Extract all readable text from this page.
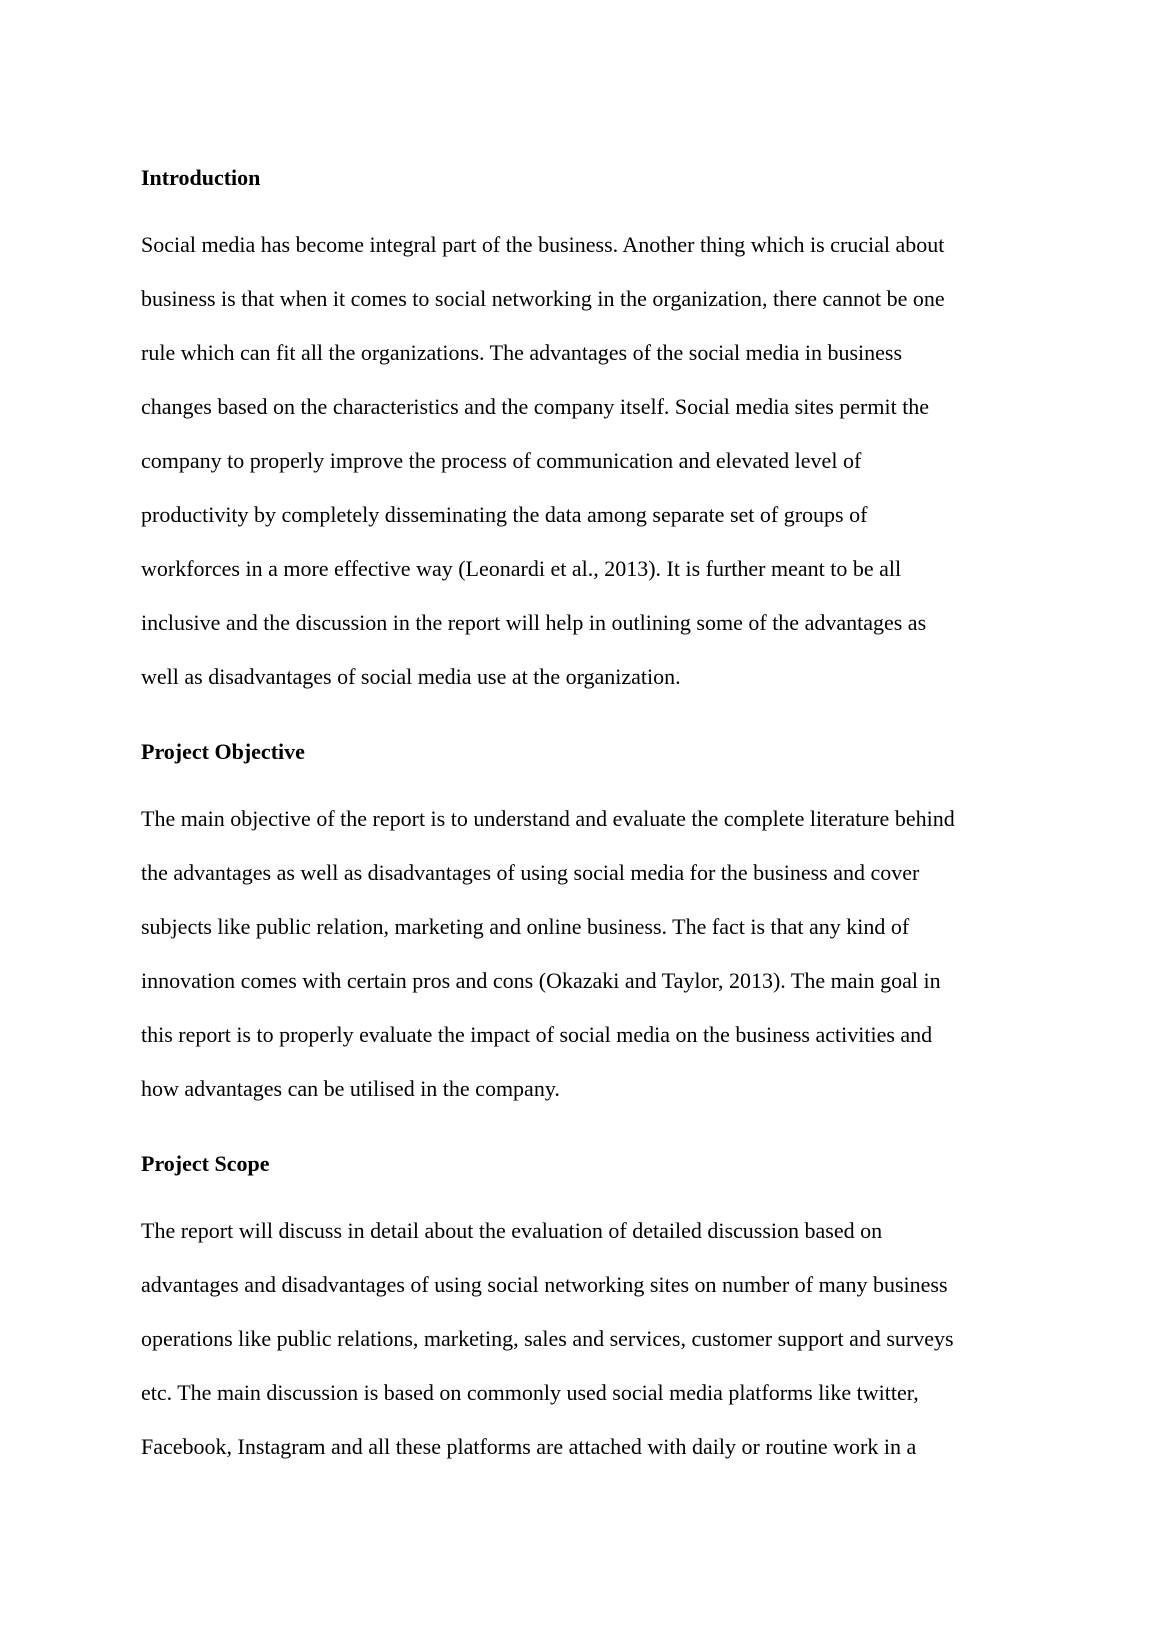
Introduction
Social media has become integral part of the business. Another thing which is crucial about
business is that when it comes to social networking in the organization, there cannot be one
rule which can fit all the organizations. The advantages of the social media in business
changes based on the characteristics and the company itself. Social media sites permit the
company to properly improve the process of communication and elevated level of
productivity by completely disseminating the data among separate set of groups of
workforces in a more effective way (Leonardi et al., 2013). It is further meant to be all
inclusive and the discussion in the report will help in outlining some of the advantages as
well as disadvantages of social media use at the organization.
Project Objective
The main objective of the report is to understand and evaluate the complete literature behind
the advantages as well as disadvantages of using social media for the business and cover
subjects like public relation, marketing and online business. The fact is that any kind of
innovation comes with certain pros and cons (Okazaki and Taylor, 2013). The main goal in
this report is to properly evaluate the impact of social media on the business activities and
how advantages can be utilised in the company.
Project Scope
The report will discuss in detail about the evaluation of detailed discussion based on
advantages and disadvantages of using social networking sites on number of many business
operations like public relations, marketing, sales and services, customer support and surveys
etc. The main discussion is based on commonly used social media platforms like twitter,
Facebook, Instagram and all these platforms are attached with daily or routine work in a
